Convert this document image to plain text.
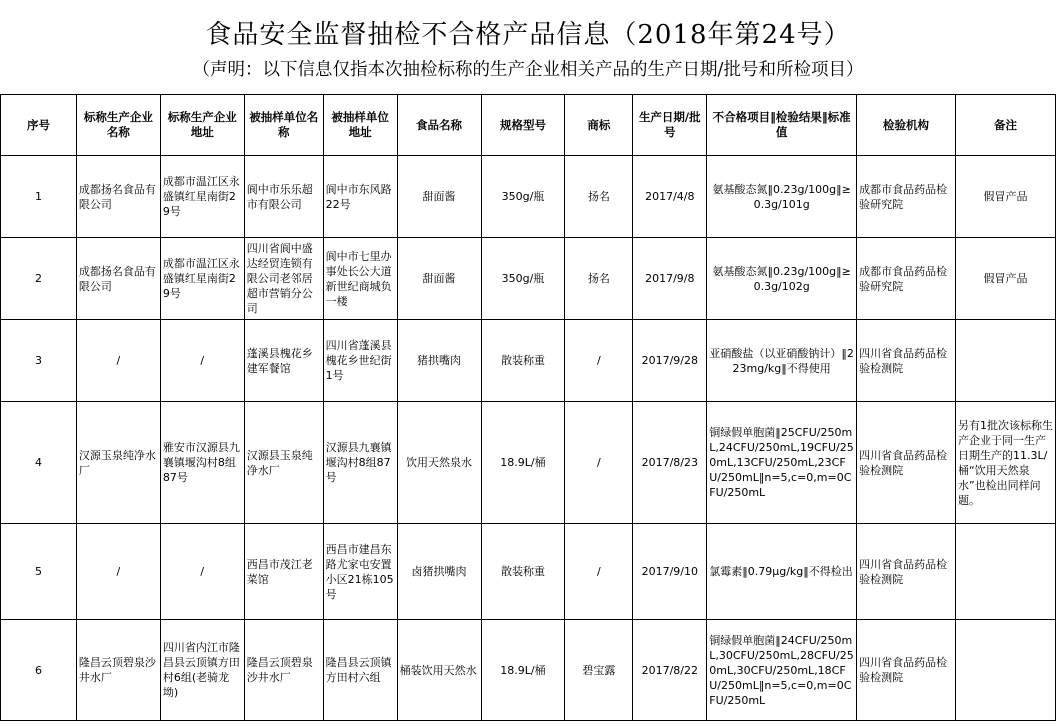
食品安全监督抽检不合格产品信息（2018年第24号）
（声明：以下信息仅指本次抽检标称的生产企业相关产品的生产日期/批号和所检项目）
序号	标称生产企业名称	标称生产企业地址	被抽样单位名称	被抽样单位地址	食品名称	规格型号	商标	生产日期/批号	不合格项目‖检验结果‖标准值	检验机构	备注
1	成都扬名食品有限公司	成都市温江区永盛镇红星南街29号	阆中市乐乐超市有限公司	阆中市东风路22号	甜面酱	350g/瓶	扬名	2017/4/8	氨基酸态氮‖0.23g/100g‖≥0.3g/101g	成都市食品药品检验研究院	假冒产品
2	成都扬名食品有限公司	成都市温江区永盛镇红星南街29号	四川省阆中盛达经贸连锁有限公司老邻居超市营销分公司	阆中市七里办事处长公大道新世纪商城负一楼	甜面酱	350g/瓶	扬名	2017/9/8	氨基酸态氮‖0.23g/100g‖≥0.3g/102g	成都市食品药品检验研究院	假冒产品
3	/	/	蓬溪县槐花乡建军餐馆	四川省蓬溪县槐花乡世纪街1号	猪拱嘴肉	散装称重	/	2017/9/28	亚硝酸盐（以亚硝酸钠计）‖223mg/kg‖不得使用	四川省食品药品检验检测院	
4	汉源玉泉纯净水厂	雅安市汉源县九襄镇堰沟村8组87号	汉源县玉泉纯净水厂	汉源县九襄镇堰沟村8组87号	饮用天然泉水	18.9L/桶	/	2017/8/23	铜绿假单胞菌‖25CFU/250mL,24CFU/250mL,19CFU/250mL,13CFU/250mL,23CFU/250mL‖n=5,c=0,m=0CFU/250mL	四川省食品药品检验检测院	另有1批次该标称生产企业于同一生产日期生产的11.3L/桶“饮用天然泉水”也检出同样问题。
5	/	/	西昌市茂江老菜馆	西昌市建昌东路尤家屯安置小区21栋105号	卤猪拱嘴肉	散装称重	/	2017/9/10	氯霉素‖0.79μg/kg‖不得检出	四川省食品药品检验检测院	
6	隆昌云顶碧泉沙井水厂	四川省内江市隆昌县云顶镇方田村6组(老骑龙坳)	隆昌云顶碧泉沙井水厂	隆昌县云顶镇方田村六组	桶装饮用天然水	18.9L/桶	碧宝露	2017/8/22	铜绿假单胞菌‖24CFU/250mL,30CFU/250mL,28CFU/250mL,30CFU/250mL,18CFU/250mL‖n=5,c=0,m=0CFU/250mL	四川省食品药品检验检测院	
